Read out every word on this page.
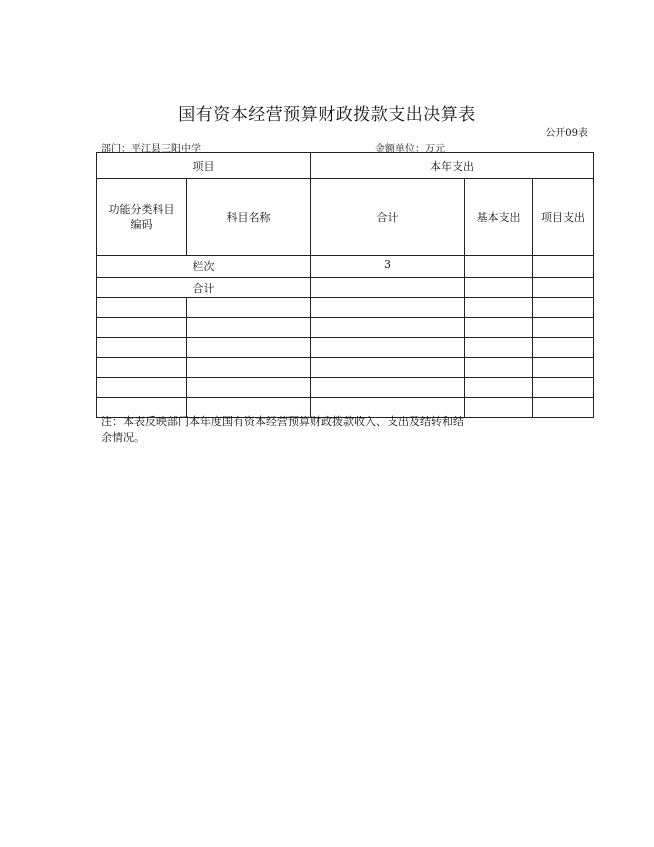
国有资本经营预算财政拨款支出决算表
公开09表
部门：平江县三阳中学	金额单位：万元
项目		本年支出		

功能分类科目编码	科目名称	合计	基本支出	项目支出
栏次		3		
合计				

注：本表反映部门本年度国有资本经营预算财政拨款收入、支出及结转和结余情况。
